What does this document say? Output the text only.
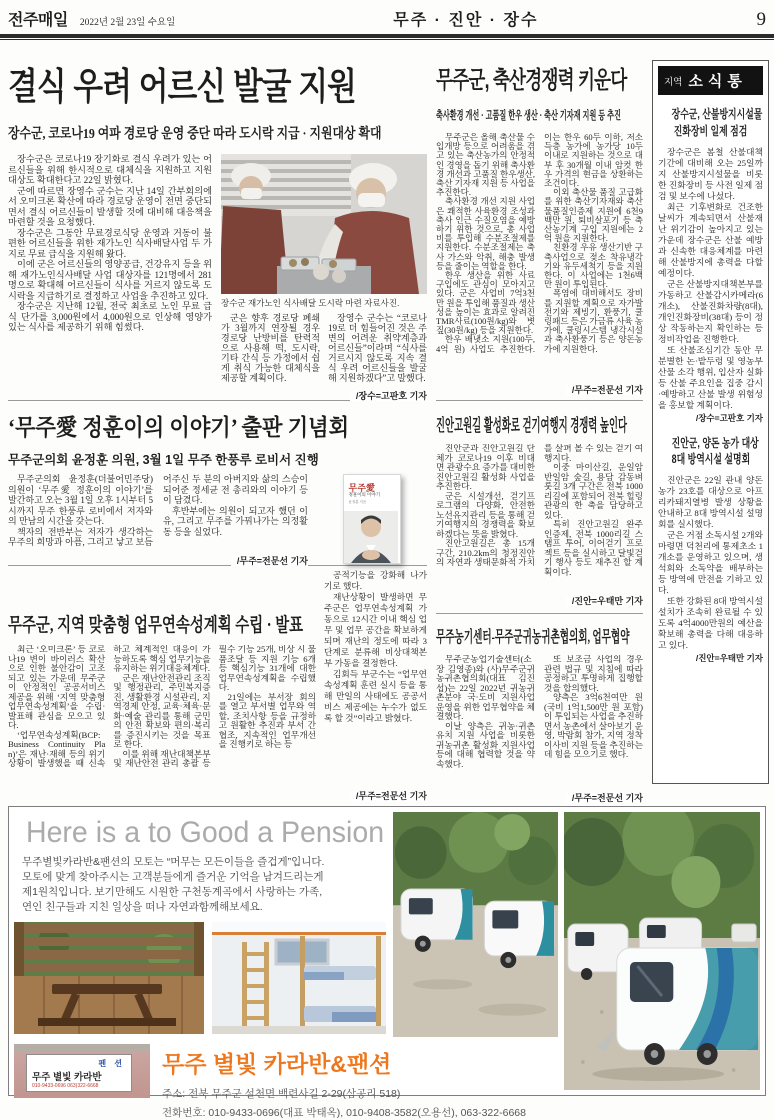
전주매일 2022년 2월 23일 수요일	무주 · 진안 · 장수	9
결식 우려 어르신 발굴 지원
장수군, 코로나19 여파 경로당 운영 중단 따라 도시락 지급 · 지원대상 확대

장수군은 코로나19 장기화로 결식 우려가 있는 어르신들을 위해 한시적으로 대체식을 지원하고 지원대상도 확대한다고 22일 밝혔다.

군에 따르면 장영수 군수는 지난 14일 간부회의에서 오미크론 확산에 따라 경로당 운영이 전면 중단되면서 결식 어르신들이 발생할 것에 대비해 대응책을 마련할 것을 요청했다.

장수군은 그동안 무료경로식당 운영과 거동이 불편한 어르신들을 위한 재가노인 식사배달사업 두 가지로 무료 급식을 지원해 왔다.

이에 군은 어르신들의 영양공급, 건강유지 등을 위해 재가노인식사배달 사업 대상자를 121명에서 281명으로 확대해 어르신들이 식사를 거르지 않도록 도시락을 지급하기로 결정하고 사업을 추진하고 있다.

장수군은 지난해 12월, 전국 최초로 노인 무료 급식 단가를 3,000원에서 4,000원으로 인상해 영양가 있는 식사를 제공하기 위해 힘썼다.

장수군 재가노인 식사배달 도시락 마련 자료사진.

군은 향후 경로당 폐쇄가 3월까지 연장될 경우 경로당 난방비를 탄력적으로 사용해 떡, 도시락, 기타 간식 등 가정에서 쉽게 취식 가능한 대체식을 제공할 계획이다.

장영수 군수는 “코로나19로 더 힘들어진 것은 주변의 어려운 취약계층과 어르신들”이라며 “식사를 거르시지 않도록 지속 결식 우려 어르신들을 발굴해 지원하겠다”고 말했다.

/장수=고판호 기자
‘무주愛 정훈이의 이야기’ 출판 기념회
무주군의회 윤정훈 의원, 3월 1일 무주 한풍루 로비서 진행

무주군의회 윤정훈(더불어민주당) 의원이 ‘무주愛 정훈이의 이야기’를 발간하고 오는 3월 1일 오후 1시부터 5시까지 무주 한풍루 로비에서 저자와의 만남의 시간을 갖는다.

책자의 전반부는 저자가 생각하는 무주의 희망과 아픔, 그리고 낳고 보듬어주신 두 분의 아버지와 삶의 스승이 되어준 정세균 전 총리와의 이야기 등이 담겼다.

후반부에는 의원이 되고자 했던 이유, 그리고 무주를 가꿔나가는 의정활동 등을 실었다.

/무주=전문선 기자
무주愛
정훈이의 이야기
윤정훈 지음
무주군, 지역 맞춤형 업무연속성계획 수립 · 발표

최근 ‘오미크론’ 등 코로나19 변이 바이러스 확산으로 인한 불안감이 고조되고 있는 가운데 무주군이 안정적인 공공서비스 제공을 위해 ‘지역 맞춤형 업무연속성계획’을 수립·발표해 관심을 모으고 있다.

‘업무연속성계획(BCP: Business Continuity Plan)’은 재난·재해 등의 위기상황이 발생했을 때 신속하고 체계적인 대응이 가능하도록 핵심 업무기능을 유지하는 위기대응체계다.

군은 재난안전관리 조직 및 행정관리, 주민복지증진, 생활환경 시설관리, 지역경제 안정, 교육·체육·문화·예술 관리를 통해 군민의 안전 확보와 편의·복리를 증진시키는 것을 목표로 한다.

이를 위해 재난대책본부 및 재난안전 관리 총괄 등 필수 기능 25개, 비상 시 물품조달 등 지원 기능 6개 등 핵심기능 31개에 대한 업무연속성계획을 수립했다.

21일에는 부서장 회의를 열고 부서별 업무와 역할, 조치사항 등을 규정하고 원활한 추진과 부서 간 협조, 지속적인 업무개선을 진행키로 하는 등

공적기능을 강화해 나가기로 했다.

재난상황이 발생하면 무주군은 업무연속성계획 가동으로 12시간 이내 핵심 업무 및 업무 공간을 확보하게 되며 재난의 정도에 따라 3단계로 분류해 비상대책본부 가동을 결정한다.

김회득 부군수는 “업무연속성계획 훈련 실시 등을 통해 만일의 사태에도 공공서비스 제공에는 누수가 없도록 할 것”이라고 밝혔다.

/무주=전문선 기자
무주군, 축산경쟁력 키운다
축사환경 개선 · 고품질 한우 생산 · 축산 기자재 지원 등 추진

무주군은 올해 축산물 수입개방 등으로 어려움을 겪고 있는 축산농가의 안정적인 경영을 돕기 위해 축사환경 개선과 고품질 한우생산, 축산 기자재 지원 등 사업을 추진한다.

축사환경 개선 지원 사업은 쾌적한 사육환경 조성과 축사 인근 수질오염을 예방하기 위한 것으로, 총 사업비를 투입해 수분조절제를 지원한다. 수분조절제는 축사 가스와 악취, 해충 발생 등을 줄이는 역할을 한다.

한우 생산을 위한 사료 구입에도 관심이 모아지고 있다. 군은 사업비 7억3천만 원을 투입해 품질과 생산성을 높이는 효과로 알려진 TMR사료(100원/kg)와 볏짚(30원/kg) 등을 지원한다.

한우 배냇소 지원(100두, 4억 원) 사업도 추진한다. 이는 한우 60두 이하, 저소득층 농가에 농가당 10두 이내로 지원하는 것으로 대부 후 30개월 이내 암컷 한우 가격의 현금을 상환하는 조건이다.

이외 축산물 품질 고급화를 위한 축산기자재와 축산물품질인증제 지원에 6천9백만 원, 퇴비살포기 등 축산농기계 구입 지원에는 2억 원을 지원한다.

친환경 우유 생산기반 구축사업으로 젖소 착유냉각기와 유두세척기 등을 지원한다. 이 사업에는 1천6백만 원이 투입된다.

폭염에 대비해서도 장비를 지원할 계획으로 자가발전기와 제빙기, 환풍기, 쿨링패드 등은 가금류 사육 농가에, 쿨링시스템 냉각시설과 축사환풍기 등은 양돈농가에 지원한다.

/무주=전문선 기자
진안고원길 활성화로 걷기여행지 경쟁력 높인다

진안군과 진안고원길 단체가 코로나19 이후 비대면 관광수요 증가를 대비한 진안고원길 활성화 사업을 추진한다.

군은 시설개선, 걷기프로그램의 다양화, 안전한 노선유지관리 등을 통해 걷기여행지의 경쟁력을 확보하겠다는 뜻을 밝혔다.

진안고원길은 총 15개 구간, 210.2km의 청정진안의 자연과 생태문화적 가치를 살펴 볼 수 있는 걷기 여행지다.

이중 마이산길, 운일암반일암 숲길, 용담 감동벼룻길 3개 구간은 전북 1000리길에 포함되어 전북 힐링관광의 한 축을 담당하고 있다.

특히 진안고원길 완주 인증제, 전북 1000리길 스탬프 투어, 이어걷기 프로젝트 등을 실시하고 달빛걷기 행사 등도 재추진 할 계획이다.

/진안=우태만 기자
무주농기센터-무주군귀농귀촌협의회, 업무협약

무주군농업기술센터(소장 김영종)와 (사)무주군귀농귀촌협의회(대표 김진섭)는 22일 2022년 귀농귀촌분야 국·도비 지원사업 운영을 위한 업무협약을 체결했다.

이날 양측은 귀농·귀촌 유치 지원 사업을 비롯한 귀농귀촌 활성화 지원사업 등에 대해 협력할 것을 약속했다.

또 보조금 사업의 경우 관련 법규 및 지침에 따라 공정하고 투명하게 집행할 것을 합의했다.

양측은 3억6천여만 원(국비 1억1,500만 원 포함)이 투입되는 사업을 추진하면서 농촌에서 살아보기 운영, 박람회 참가, 지역 정착 이사비 지원 등을 추진하는데 힘을 모으기로 했다.

/무주=전문선 기자
지역 소식통
장수군, 산불방지시설물
진화장비 일제 점검

장수군은 봄철 산불대책기간에 대비해 오는 25일까지 산불방지시설물을 비롯한 진화장비 등 사전 일제 점검 및 보수에 나섰다.

최근 기후변화로 건조한 날씨가 계속되면서 산불재난 위기감이 높아지고 있는 가운데 장수군은 산불 예방과 신속한 대응체계를 마련해 산불방지에 총력을 다할 예정이다.

군은 산불방지대책본부를 가동하고 산불감시카메라(6개소), 산불진화차량(8대), 개인진화장비(38대) 등이 정상 작동하는지 확인하는 등 정비작업을 진행한다.

또 산불조심기간 동안 무분별한 논·밭두렁 및 영농부산물 소각 행위, 입산자 실화 등 산불 주요인을 집중 감시·예방하고 산불 발생 위험성을 홍보할 계획이다.

/장수=고판호 기자
진안군, 양돈 농가 대상
8대 방역시설 설명회

진안군은 22일 관내 양돈 농가 23호를 대상으로 아프리카돼지열병 발생 상황을 안내하고 8대 방역시설 설명회를 실시했다.

군은 거점 소독시설 2개와 마령면 덕천리에 통제초소 1개소를 운영하고 있으며, 생석회와 소독약을 배부하는 등 방역에 만전을 기하고 있다.

또한 강화된 8대 방역시설 설치가 조속히 완료될 수 있도록 4억4000만원의 예산을 확보해 총력을 다해 대응하고 있다.

/진안=우태만 기자
Here is a to Good a Pension

무주별빛카라반&팬션의 모토는 “머무는 모든이들을 즐겁게”입니다.

모토에 맞게 찾아주시는 고객분들에게 즐거운 기억을 남겨드리는게

제1원칙입니다. 보기만해도 시원한 구천동계곡에서 사랑하는 가족,

연인 친구들과 지친 일상을 떠나 자연과함께해보세요.

펜 션
무주 별빛 카라반
010-9433-0696 063)322-6668
무주 별빛 카라반&팬션
주소: 전북 무주군 설천면 백련사길 2-29(삼공리 518)
전화번호: 010-9433-0696(대표 박태옥), 010-9408-3582(오용선), 063-322-6668
